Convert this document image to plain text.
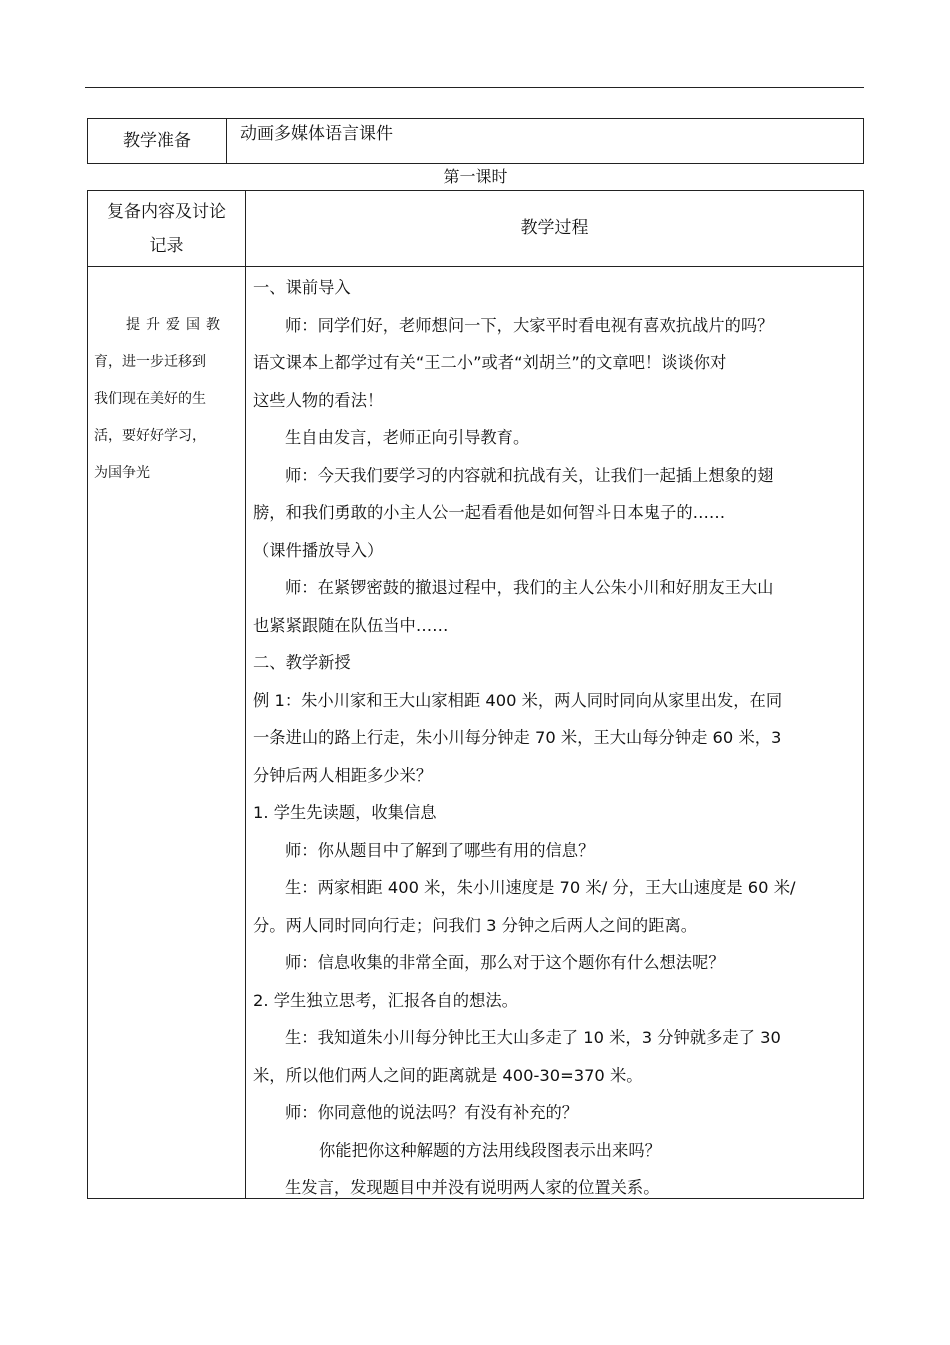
教学准备	动画多媒体语言课件
第一课时
复备内容及讨论
记录
教学过程
提升爱国教
育，进一步迁移到
我们现在美好的生
活，要好好学习，
为国争光
一、课前导入
师：同学们好，老师想问一下，大家平时看电视有喜欢抗战片的吗？
语文课本上都学过有关“王二小”或者“刘胡兰”的文章吧！谈谈你对
这些人物的看法！
生自由发言，老师正向引导教育。
师：今天我们要学习的内容就和抗战有关，让我们一起插上想象的翅
膀，和我们勇敢的小主人公一起看看他是如何智斗日本鬼子的……
（课件播放导入）
师：在紧锣密鼓的撤退过程中，我们的主人公朱小川和好朋友王大山
也紧紧跟随在队伍当中……
二、教学新授
例 1：朱小川家和王大山家相距 400 米，两人同时同向从家里出发，在同
一条进山的路上行走，朱小川每分钟走 70 米，王大山每分钟走 60 米，3
分钟后两人相距多少米？
1. 学生先读题，收集信息
师：你从题目中了解到了哪些有用的信息？
生：两家相距 400 米，朱小川速度是 70 米/ 分，王大山速度是 60 米/
分。两人同时同向行走；问我们 3 分钟之后两人之间的距离。
师：信息收集的非常全面，那么对于这个题你有什么想法呢？
2. 学生独立思考，汇报各自的想法。
生：我知道朱小川每分钟比王大山多走了 10 米，3 分钟就多走了 30
米，所以他们两人之间的距离就是 400-30=370 米。
师：你同意他的说法吗？有没有补充的？
你能把你这种解题的方法用线段图表示出来吗？
生发言，发现题目中并没有说明两人家的位置关系。
